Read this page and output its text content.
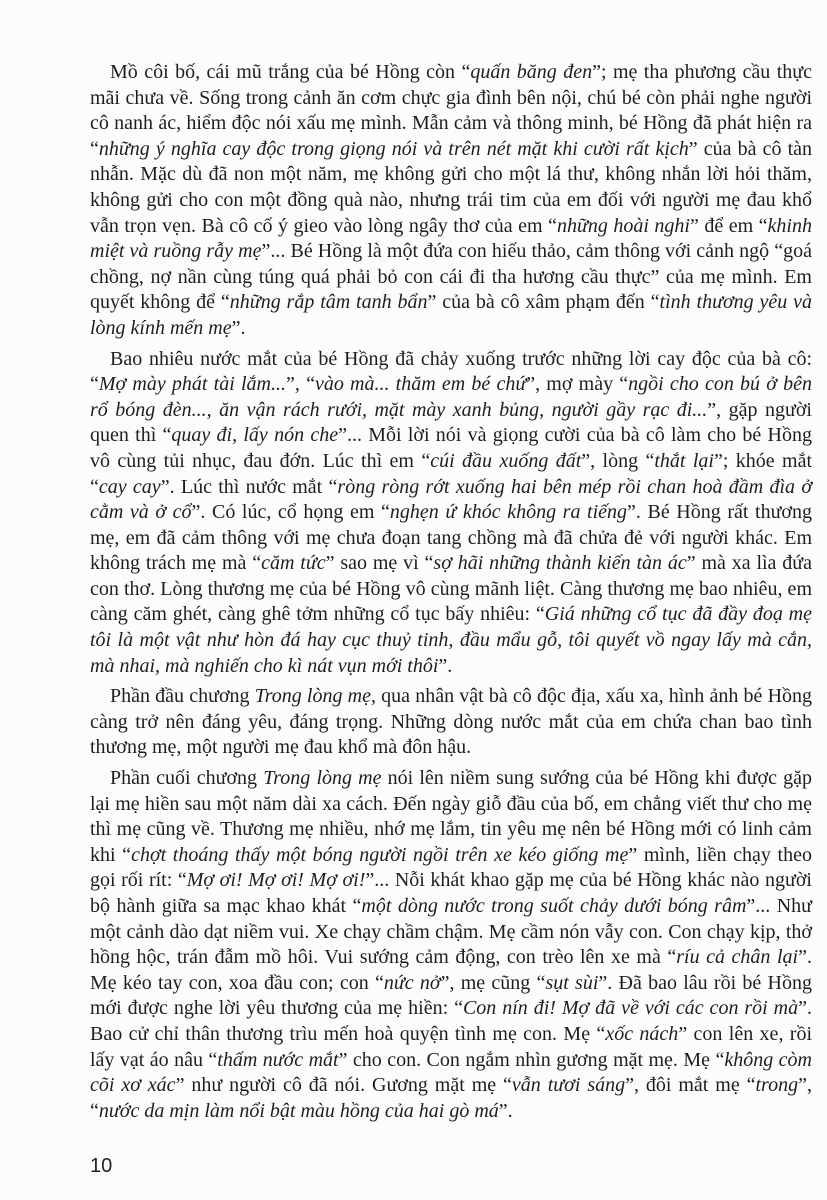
Mồ côi bố, cái mũ trắng của bé Hồng còn “quấn băng đen”; mẹ tha phương cầu thực mãi chưa về. Sống trong cảnh ăn cơm chực gia đình bên nội, chú bé còn phải nghe người cô nanh ác, hiểm độc nói xấu mẹ mình. Mẫn cảm và thông minh, bé Hồng đã phát hiện ra “những ý nghĩa cay độc trong giọng nói và trên nét mặt khi cười rất kịch” của bà cô tàn nhẫn. Mặc dù đã non một năm, mẹ không gửi cho một lá thư, không nhắn lời hỏi thăm, không gửi cho con một đồng quà nào, nhưng trái tim của em đối với người mẹ đau khổ vẫn trọn vẹn. Bà cô cố ý gieo vào lòng ngây thơ của em “những hoài nghi” để em “khinh miệt và ruồng rẫy mẹ”... Bé Hồng là một đứa con hiếu thảo, cảm thông với cảnh ngộ “goá chồng, nợ nần cùng túng quá phải bỏ con cái đi tha hương cầu thực” của mẹ mình. Em quyết không để “những rắp tâm tanh bẩn” của bà cô xâm phạm đến “tình thương yêu và lòng kính mến mẹ”.

Bao nhiêu nước mắt của bé Hồng đã chảy xuống trước những lời cay độc của bà cô: “Mợ mày phát tài lắm...”, “vào mà... thăm em bé chứ”, mợ mày “ngồi cho con bú ở bên rổ bóng đèn..., ăn vận rách rưới, mặt mày xanh bủng, người gầy rạc đi...”, gặp người quen thì “quay đi, lấy nón che”... Mỗi lời nói và giọng cười của bà cô làm cho bé Hồng vô cùng tủi nhục, đau đớn. Lúc thì em “cúi đầu xuống đất”, lòng “thắt lại”; khóe mắt “cay cay”. Lúc thì nước mắt “ròng ròng rớt xuống hai bên mép rồi chan hoà đầm đìa ở cằm và ở cổ”. Có lúc, cổ họng em “nghẹn ứ khóc không ra tiếng”. Bé Hồng rất thương mẹ, em đã cảm thông với mẹ chưa đoạn tang chồng mà đã chửa đẻ với người khác. Em không trách mẹ mà “căm tức” sao mẹ vì “sợ hãi những thành kiến tàn ác” mà xa lìa đứa con thơ. Lòng thương mẹ của bé Hồng vô cùng mãnh liệt. Càng thương mẹ bao nhiêu, em càng căm ghét, càng ghê tởm những cổ tục bấy nhiêu: “Giá những cổ tục đã đầy đoạ mẹ tôi là một vật như hòn đá hay cục thuỷ tinh, đầu mẩu gỗ, tôi quyết vồ ngay lấy mà cắn, mà nhai, mà nghiến cho kì nát vụn mới thôi”.

Phần đầu chương Trong lòng mẹ, qua nhân vật bà cô độc địa, xấu xa, hình ảnh bé Hồng càng trở nên đáng yêu, đáng trọng. Những dòng nước mắt của em chứa chan bao tình thương mẹ, một người mẹ đau khổ mà đôn hậu.

Phần cuối chương Trong lòng mẹ nói lên niềm sung sướng của bé Hồng khi được gặp lại mẹ hiền sau một năm dài xa cách. Đến ngày giỗ đầu của bố, em chẳng viết thư cho mẹ thì mẹ cũng về. Thương mẹ nhiều, nhớ mẹ lắm, tin yêu mẹ nên bé Hồng mới có linh cảm khi “chợt thoáng thấy một bóng người ngồi trên xe kéo giống mẹ” mình, liền chạy theo gọi rối rít: “Mợ ơi! Mợ ơi! Mợ ơi!”... Nỗi khát khao gặp mẹ của bé Hồng khác nào người bộ hành giữa sa mạc khao khát “một dòng nước trong suốt chảy dưới bóng râm”... Như một cảnh dào dạt niềm vui. Xe chạy chầm chậm. Mẹ cầm nón vẫy con. Con chạy kịp, thở hồng hộc, trán đẫm mồ hôi. Vui sướng cảm động, con trèo lên xe mà “ríu cả chân lại”. Mẹ kéo tay con, xoa đầu con; con “nức nở”, mẹ cũng “sụt sùi”. Đã bao lâu rồi bé Hồng mới được nghe lời yêu thương của mẹ hiền: “Con nín đi! Mợ đã về với các con rồi mà”. Bao cử chỉ thân thương trìu mến hoà quyện tình mẹ con. Mẹ “xốc nách” con lên xe, rồi lấy vạt áo nâu “thấm nước mắt” cho con. Con ngắm nhìn gương mặt mẹ. Mẹ “không còm cõi xơ xác” như người cô đã nói. Gương mặt mẹ “vẫn tươi sáng”, đôi mắt mẹ “trong”, “nước da mịn làm nổi bật màu hồng của hai gò má”.

10
